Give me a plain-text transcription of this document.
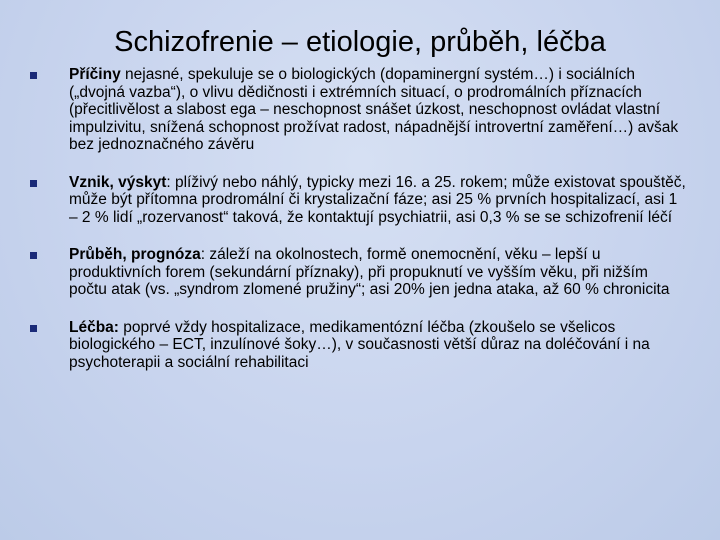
Schizofrenie – etiologie, průběh, léčba
Příčiny nejasné, spekuluje se o biologických (dopaminergní systém…) i sociálních („dvojná vazba“), o vlivu dědičnosti i extrémních situací, o prodromálních příznacích (přecitlivělost a slabost ega – neschopnost snášet úzkost, neschopnost ovládat vlastní impulzivitu, snížená schopnost prožívat radost, nápadnější introvertní zaměření…) avšak bez jednoznačného závěru
Vznik, výskyt: plíživý nebo náhlý, typicky mezi 16. a 25. rokem; může existovat spouštěč, může být přítomna prodromální či krystalizační fáze; asi 25 % prvních hospitalizací, asi 1 – 2 % lidí „rozervanost“ taková, že kontaktují psychiatrii, asi 0,3 % se se schizofrenií léčí
Průběh, prognóza: záleží na okolnostech, formě onemocnění, věku – lepší u produktivních forem (sekundární příznaky), při propuknutí ve vyšším věku, při nižším počtu atak (vs. „syndrom zlomené pružiny“; asi 20% jen jedna ataka, až 60 % chronicita
Léčba: poprvé vždy hospitalizace, medikamentózní léčba (zkoušelo se všelicos biologického – ECT, inzulínové šoky…), v současnosti větší důraz na doléčování i na psychoterapii a sociální rehabilitaci
